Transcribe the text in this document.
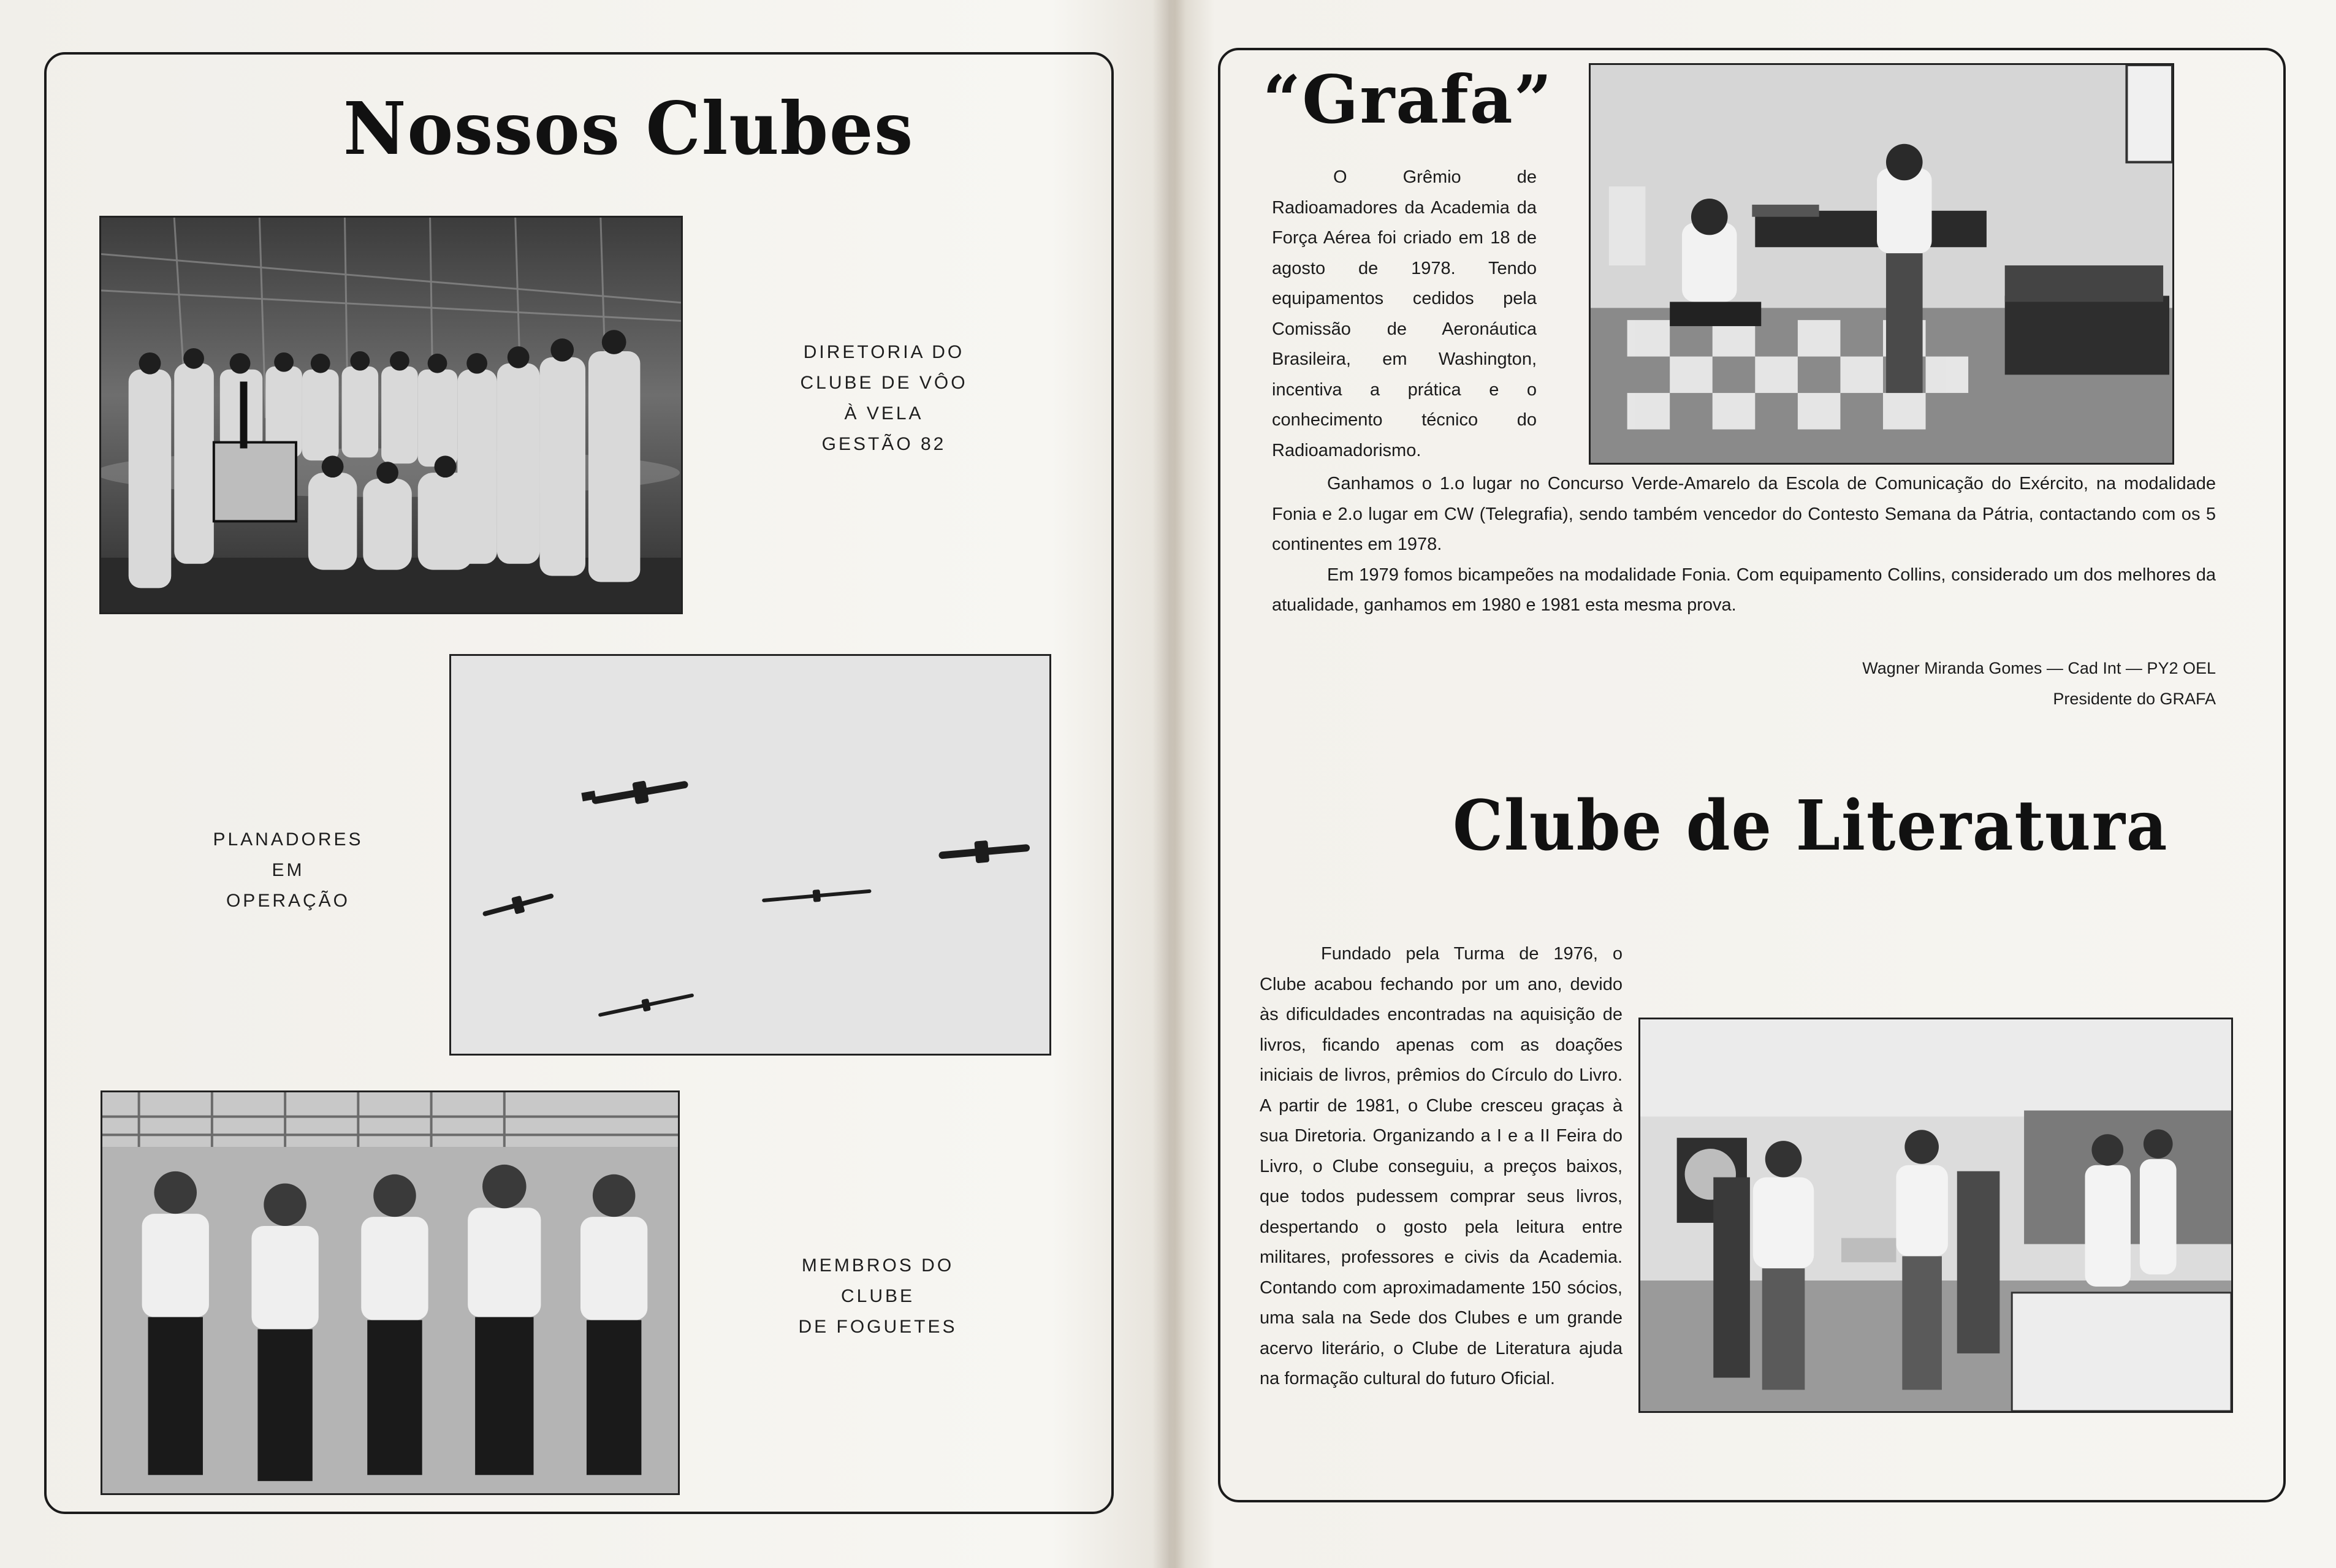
Nossos Clubes
DIRETORIA DO
CLUBE DE VÔO
À VELA
GESTÃO 82
PLANADORES
EM
OPERAÇÃO
MEMBROS DO
CLUBE
DE FOGUETES
“Grafa”
O Grêmio de Radioamadores da Academia da Força Aérea foi criado em 18 de agosto de 1978. Tendo equipamentos cedidos pela Comissão de Aeronáutica Brasileira, em Washington, incentiva a prática e o conhecimento técnico do Radioamadorismo.

Ganhamos o 1.o lugar no Concurso Verde-Amarelo da Escola de Comunicação do Exército, na modalidade Fonia e 2.o lugar em CW (Telegrafia), sendo também vencedor do Contesto Semana da Pátria, contactando com os 5 continentes em 1978.

Em 1979 fomos bicampeões na modalidade Fonia. Com equipamento Collins, considerado um dos melhores da atualidade, ganhamos em 1980 e 1981 esta mesma prova.

Wagner Miranda Gomes — Cad Int — PY2 OEL
Presidente do GRAFA
Clube de Literatura
Fundado pela Turma de 1976, o Clube acabou fechando por um ano, devido às dificuldades encontradas na aquisição de livros, ficando apenas com as doações iniciais de livros, prêmios do Círculo do Livro. A partir de 1981, o Clube cresceu graças à sua Diretoria. Organizando a I e a II Feira do Livro, o Clube conseguiu, a preços baixos, que todos pudessem comprar seus livros, despertando o gosto pela leitura entre militares, professores e civis da Academia. Contando com aproximadamente 150 sócios, uma sala na Sede dos Clubes e um grande acervo literário, o Clube de Literatura ajuda na formação cultural do futuro Oficial.
